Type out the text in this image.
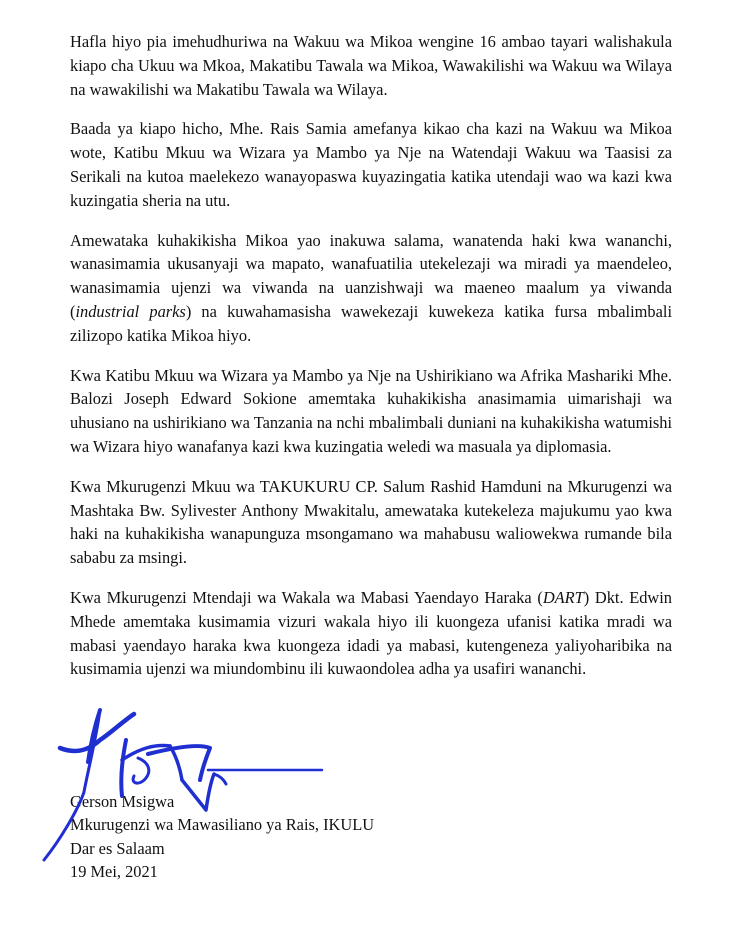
Hafla hiyo pia imehudhuriwa na Wakuu wa Mikoa wengine 16 ambao tayari walishakula kiapo cha Ukuu wa Mkoa, Makatibu Tawala wa Mikoa, Wawakilishi wa Wakuu wa Wilaya na wawakilishi wa Makatibu Tawala wa Wilaya.

Baada ya kiapo hicho, Mhe. Rais Samia amefanya kikao cha kazi na Wakuu wa Mikoa wote, Katibu Mkuu wa Wizara ya Mambo ya Nje na Watendaji Wakuu wa Taasisi za Serikali na kutoa maelekezo wanayopaswa kuyazingatia katika utendaji wao wa kazi kwa kuzingatia sheria na utu.

Amewataka kuhakikisha Mikoa yao inakuwa salama, wanatenda haki kwa wananchi, wanasimamia ukusanyaji wa mapato, wanafuatilia utekelezaji wa miradi ya maendeleo, wanasimamia ujenzi wa viwanda na uanzishwaji wa maeneo maalum ya viwanda (industrial parks) na kuwahamasisha wawekezaji kuwekeza katika fursa mbalimbali zilizopo katika Mikoa hiyo.

Kwa Katibu Mkuu wa Wizara ya Mambo ya Nje na Ushirikiano wa Afrika Mashariki Mhe. Balozi Joseph Edward Sokione amemtaka kuhakikisha anasimamia uimarishaji wa uhusiano na ushirikiano wa Tanzania na nchi mbalimbali duniani na kuhakikisha watumishi wa Wizara hiyo wanafanya kazi kwa kuzingatia weledi wa masuala ya diplomasia.

Kwa Mkurugenzi Mkuu wa TAKUKURU CP. Salum Rashid Hamduni na Mkurugenzi wa Mashtaka Bw. Sylivester Anthony Mwakitalu, amewataka kutekeleza majukumu yao kwa haki na kuhakikisha wanapunguza msongamano wa mahabusu waliowekwa rumande bila sababu za msingi.

Kwa Mkurugenzi Mtendaji wa Wakala wa Mabasi Yaendayo Haraka (DART) Dkt. Edwin Mhede amemtaka kusimamia vizuri wakala hiyo ili kuongeza ufanisi katika mradi wa mabasi yaendayo haraka kwa kuongeza idadi ya mabasi, kutengeneza yaliyoharibika na kusimamia ujenzi wa miundombinu ili kuwaondolea adha ya usafiri wananchi.

Gerson Msigwa
Mkurugenzi wa Mawasiliano ya Rais, IKULU
Dar es Salaam
19 Mei, 2021
